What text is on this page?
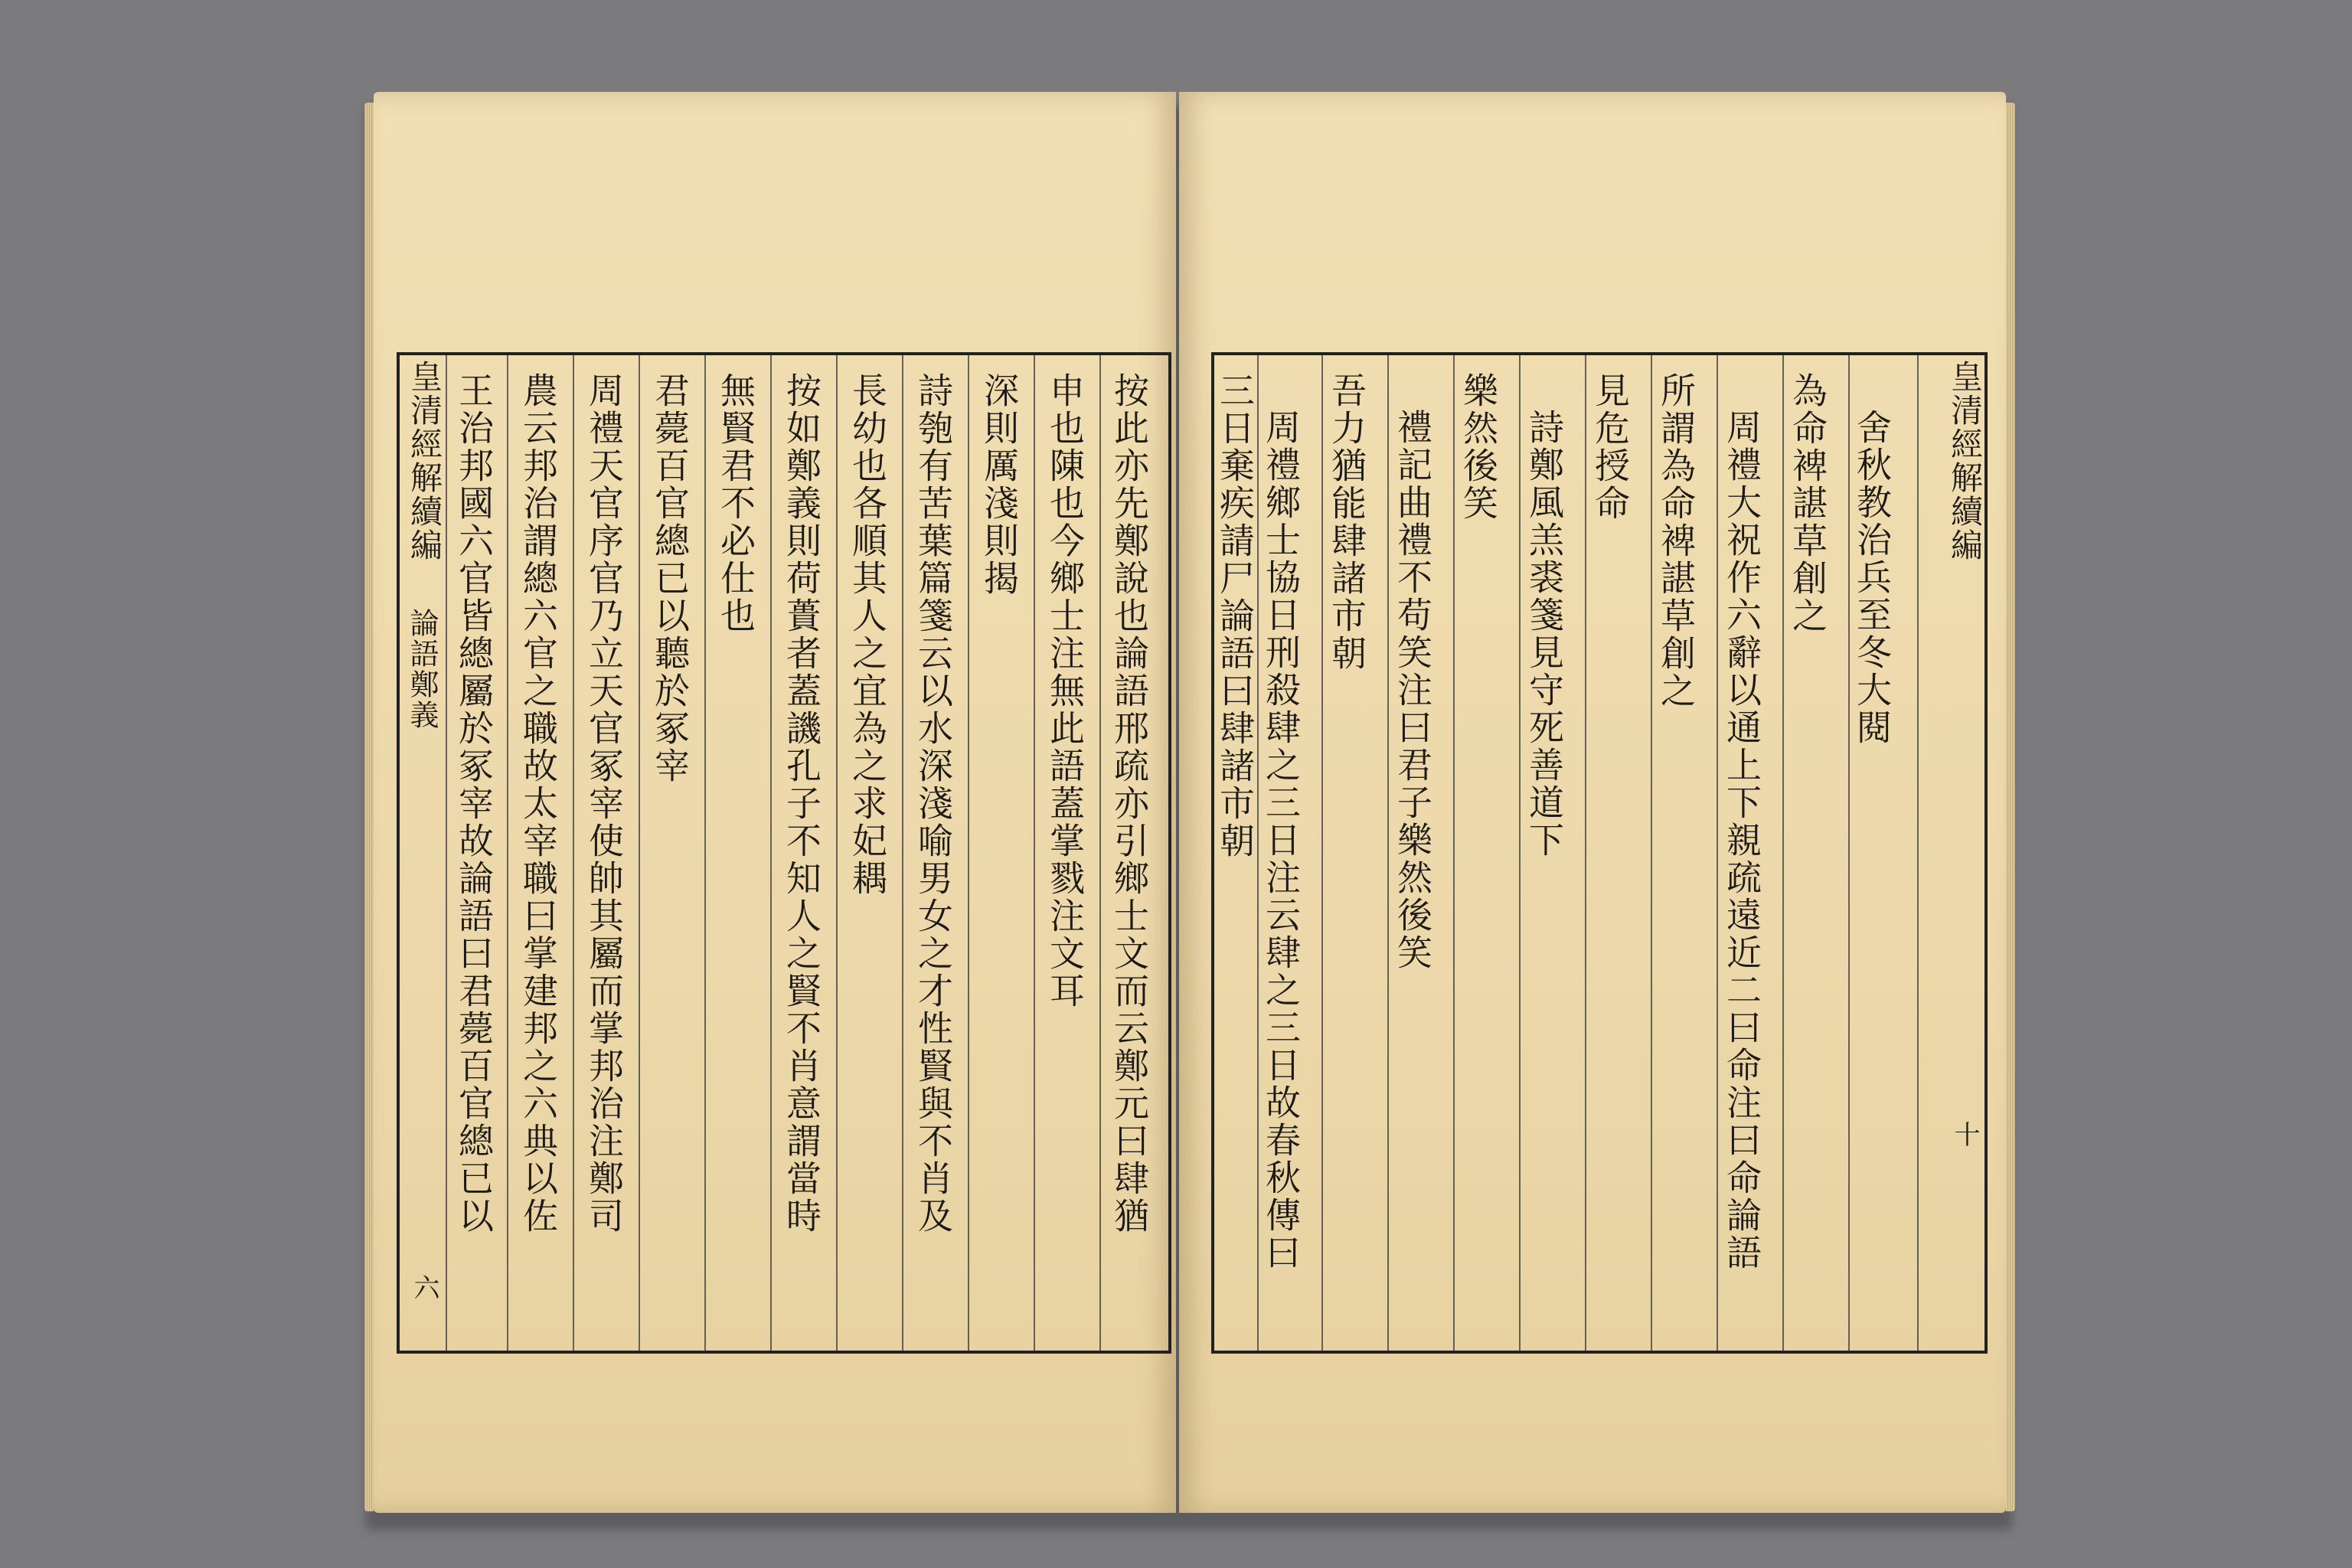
按此亦先鄭說也論語邢疏亦引鄉士文而云鄭元曰肆猶
申也陳也今鄉士注無此語蓋掌戮注文耳
深則厲淺則揭
詩匏有苦葉篇箋云以水深淺喻男女之才性賢與不肖及
長幼也各順其人之宜為之求妃耦
按如鄭義則荷蕢者蓋譏孔子不知人之賢不肖意謂當時
無賢君不必仕也
君薨百官總已以聽於冢宰
周禮天官序官乃立天官冢宰使帥其屬而掌邦治注鄭司
農云邦治謂總六官之職故太宰職曰掌建邦之六典以佐
王治邦國六官皆總屬於冢宰故論語曰君薨百官總已以
皇清經解續編
論語鄭義
六
皇清經解續編
十
舍秋教治兵至冬大閱
為命裨諶草創之
周禮大祝作六辭以通上下親疏遠近二曰命注曰命論語
所謂為命裨諶草創之
見危授命
詩鄭風羔裘箋見守死善道下
樂然後笑
禮記曲禮不苟笑注曰君子樂然後笑
吾力猶能肆諸市朝
周禮鄉士協日刑殺肆之三日注云肆之三日故春秋傳曰
三日棄疾請尸論語曰肆諸市朝
